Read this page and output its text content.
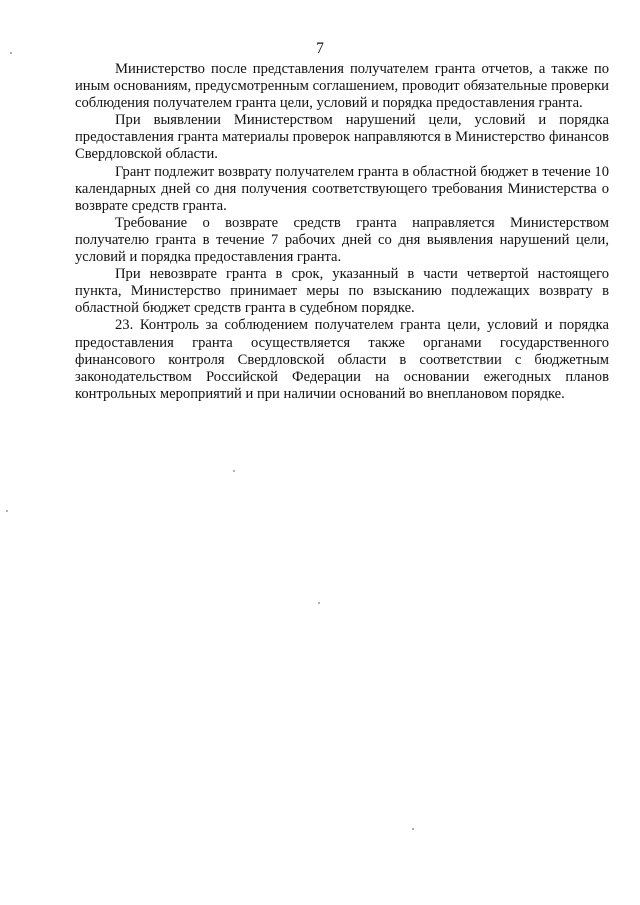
7

Министерство после представления получателем гранта отчетов, а также по иным основаниям, предусмотренным соглашением, проводит обязательные проверки соблюдения получателем гранта цели, условий и порядка предоставления гранта.

При выявлении Министерством нарушений цели, условий и порядка предоставления гранта материалы проверок направляются в Министерство финансов Свердловской области.

Грант подлежит возврату получателем гранта в областной бюджет в течение 10 календарных дней со дня получения соответствующего требования Министерства о возврате средств гранта.

Требование о возврате средств гранта направляется Министерством получателю гранта в течение 7 рабочих дней со дня выявления нарушений цели, условий и порядка предоставления гранта.

При невозврате гранта в срок, указанный в части четвертой настоящего пункта, Министерство принимает меры по взысканию подлежащих возврату в областной бюджет средств гранта в судебном порядке.

23. Контроль за соблюдением получателем гранта цели, условий и порядка предоставления гранта осуществляется также органами государственного финансового контроля Свердловской области в соответствии с бюджетным законодательством Российской Федерации на основании ежегодных планов контрольных мероприятий и при наличии оснований во внеплановом порядке.
